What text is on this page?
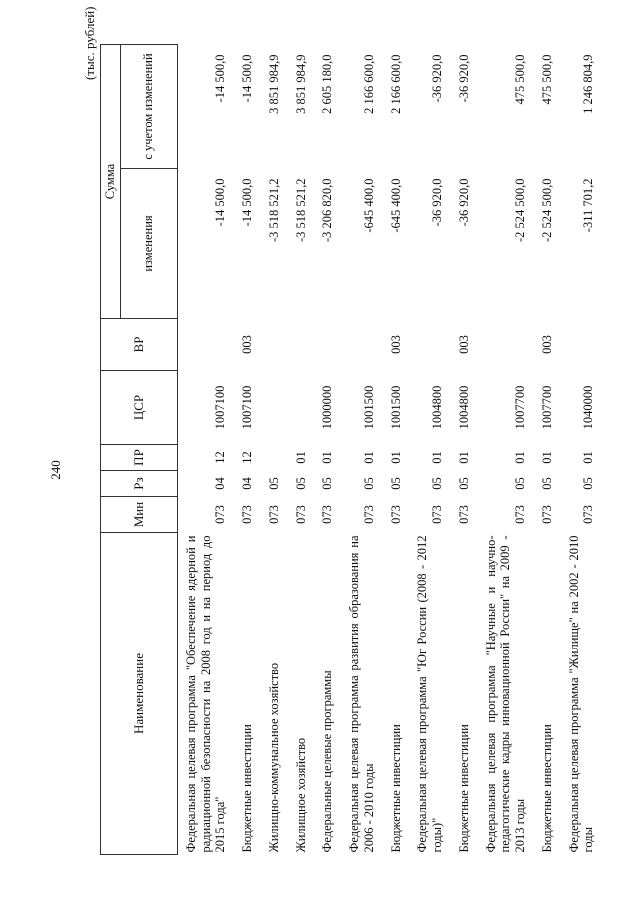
240
(тыс. рублей)
Наименование	Мин	Рз	ПР	ЦСР	ВР	Сумма	
						изменения	с учетом изменений
Федеральная целевая программа "Обеспечение ядерной и радиационной безопасности на 2008 год и на период до 2015 года"	073	04	12	1007100		-14 500,0	-14 500,0
Бюджетные инвестиции	073	04	12	1007100	003	-14 500,0	-14 500,0
Жилищно-коммунальное хозяйство	073	05				-3 518 521,2	3 851 984,9
Жилищное хозяйство	073	05	01			-3 518 521,2	3 851 984,9
Федеральные целевые программы	073	05	01	1000000		-3 206 820,0	2 605 180,0
Федеральная целевая программа развития образования на 2006 - 2010 годы	073	05	01	1001500		-645 400,0	2 166 600,0
Бюджетные инвестиции	073	05	01	1001500	003	-645 400,0	2 166 600,0
Федеральная целевая программа "Юг России (2008 - 2012 годы)"	073	05	01	1004800		-36 920,0	-36 920,0
Бюджетные инвестиции	073	05	01	1004800	003	-36 920,0	-36 920,0
Федеральная целевая программа "Научные и научно-педагогические кадры инновационной России" на 2009 - 2013 годы	073	05	01	1007700		-2 524 500,0	475 500,0
Бюджетные инвестиции	073	05	01	1007700	003	-2 524 500,0	475 500,0
Федеральная целевая программа "Жилище" на 2002 - 2010 годы	073	05	01	1040000		-311 701,2	1 246 804,9
